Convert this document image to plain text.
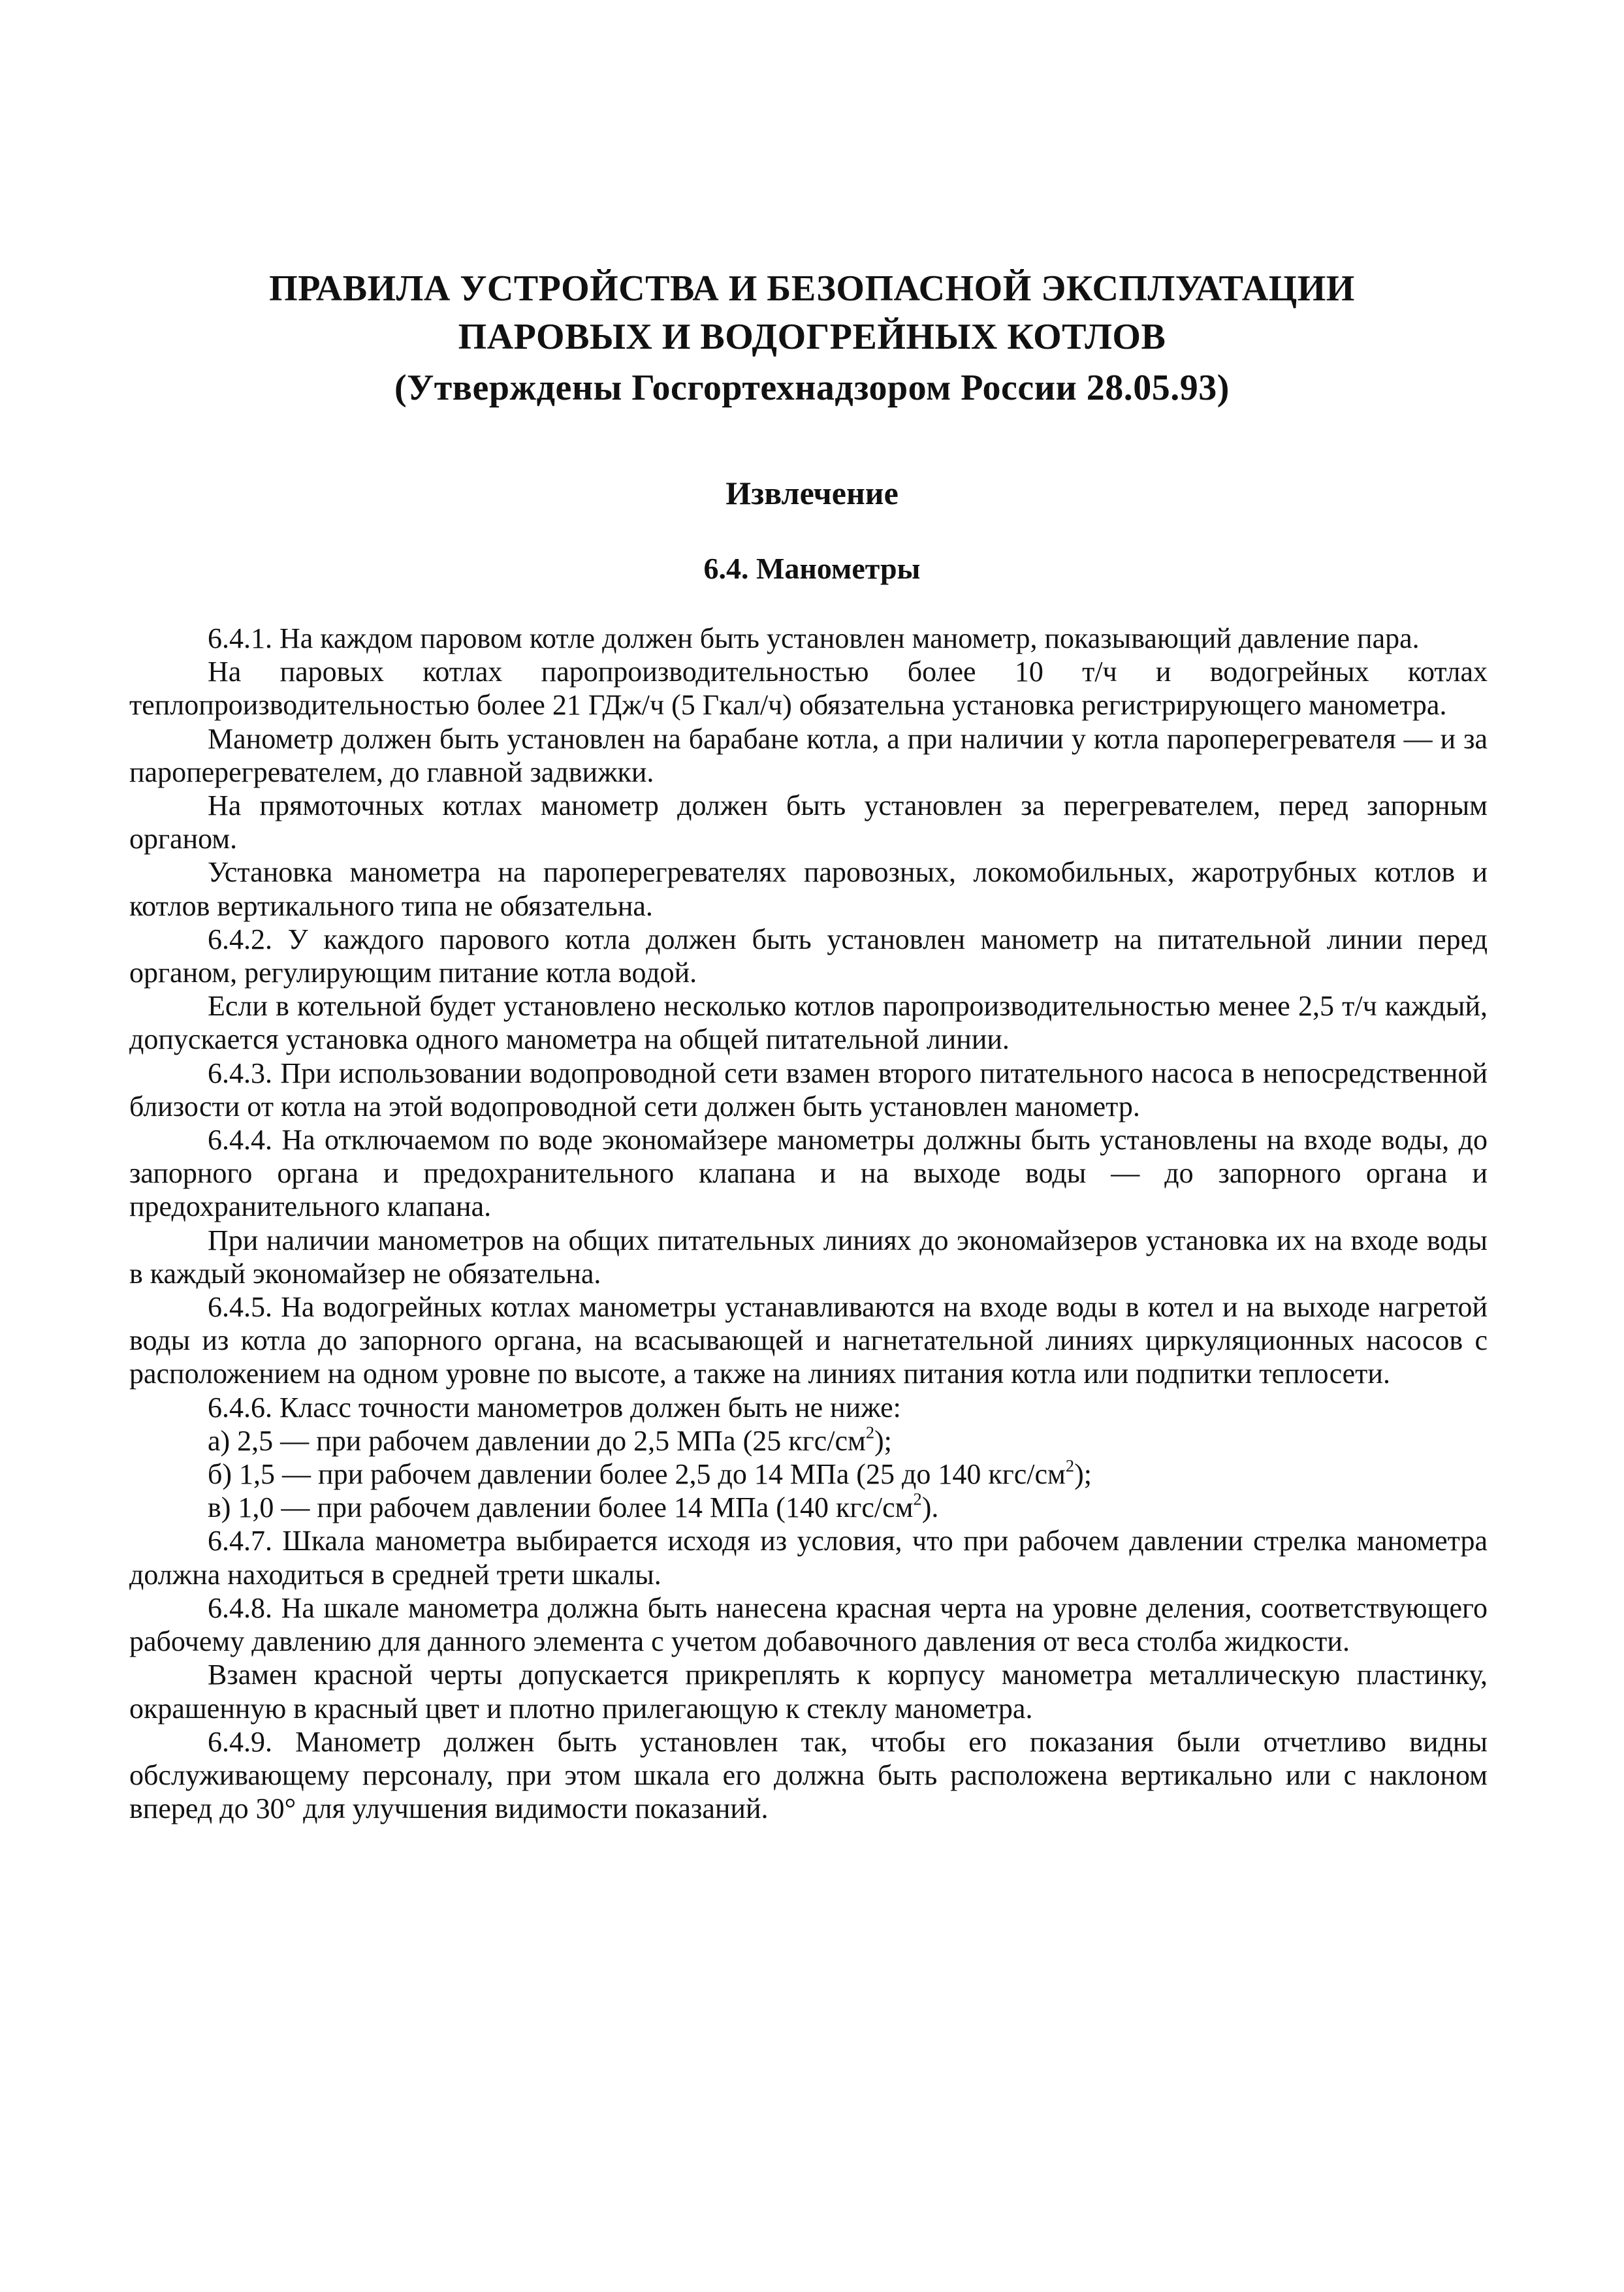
ПРАВИЛА УСТРОЙСТВА И БЕЗОПАСНОЙ ЭКСПЛУАТАЦИИ
ПАРОВЫХ И ВОДОГРЕЙНЫХ КОТЛОВ
(Утверждены Госгортехнадзором России 28.05.93)
Извлечение
6.4. Манометры

6.4.1. На каждом паровом котле должен быть установлен манометр, показывающий давление пара.

На паровых котлах паропроизводительностью более 10 т/ч и водогрейных котлах теплопроизводительностью более 21 ГДж/ч (5 Гкал/ч) обязательна установка регистрирующего манометра.

Манометр должен быть установлен на барабане котла, а при наличии у котла пароперегревателя — и за пароперегревателем, до главной задвижки.

На прямоточных котлах манометр должен быть установлен за перегревателем, перед запорным органом.

Установка манометра на пароперегревателях паровозных, локомобильных, жаротрубных котлов и котлов вертикального типа не обязательна.

6.4.2. У каждого парового котла должен быть установлен манометр на питательной линии перед органом, регулирующим питание котла водой.

Если в котельной будет установлено несколько котлов паропроизводительностью менее 2,5 т/ч каждый, допускается установка одного манометра на общей питательной линии.

6.4.3. При использовании водопроводной сети взамен второго питательного насоса в непосредственной близости от котла на этой водопроводной сети должен быть установлен манометр.

6.4.4. На отключаемом по воде экономайзере манометры должны быть установлены на входе воды, до запорного органа и предохранительного клапана и на выходе воды — до запорного органа и предохранительного клапана.

При наличии манометров на общих питательных линиях до экономайзеров установка их на входе воды в каждый экономайзер не обязательна.

6.4.5. На водогрейных котлах манометры устанавливаются на входе воды в котел и на выходе нагретой воды из котла до запорного органа, на всасывающей и нагнетательной линиях циркуляционных насосов с расположением на одном уровне по высоте, а также на линиях питания котла или подпитки теплосети.

6.4.6. Класс точности манометров должен быть не ниже:

а) 2,5 — при рабочем давлении до 2,5 МПа (25 кгс/$см^2$);

б) 1,5 — при рабочем давлении более 2,5 до 14 МПа (25 до 140 кгс/$см^2$);

в) 1,0 — при рабочем давлении более 14 МПа (140 кгс/$см^2$).

6.4.7. Шкала манометра выбирается исходя из условия, что при рабочем давлении стрелка манометра должна находиться в средней трети шкалы.

6.4.8. На шкале манометра должна быть нанесена красная черта на уровне деления, соответствующего рабочему давлению для данного элемента с учетом добавочного давления от веса столба жидкости.

Взамен красной черты допускается прикреплять к корпусу манометра металлическую пластинку, окрашенную в красный цвет и плотно прилегающую к стеклу манометра.

6.4.9. Манометр должен быть установлен так, чтобы его показания были отчетливо видны обслуживающему персоналу, при этом шкала его должна быть расположена вертикально или с наклоном вперед до 30° для улучшения видимости показаний.
